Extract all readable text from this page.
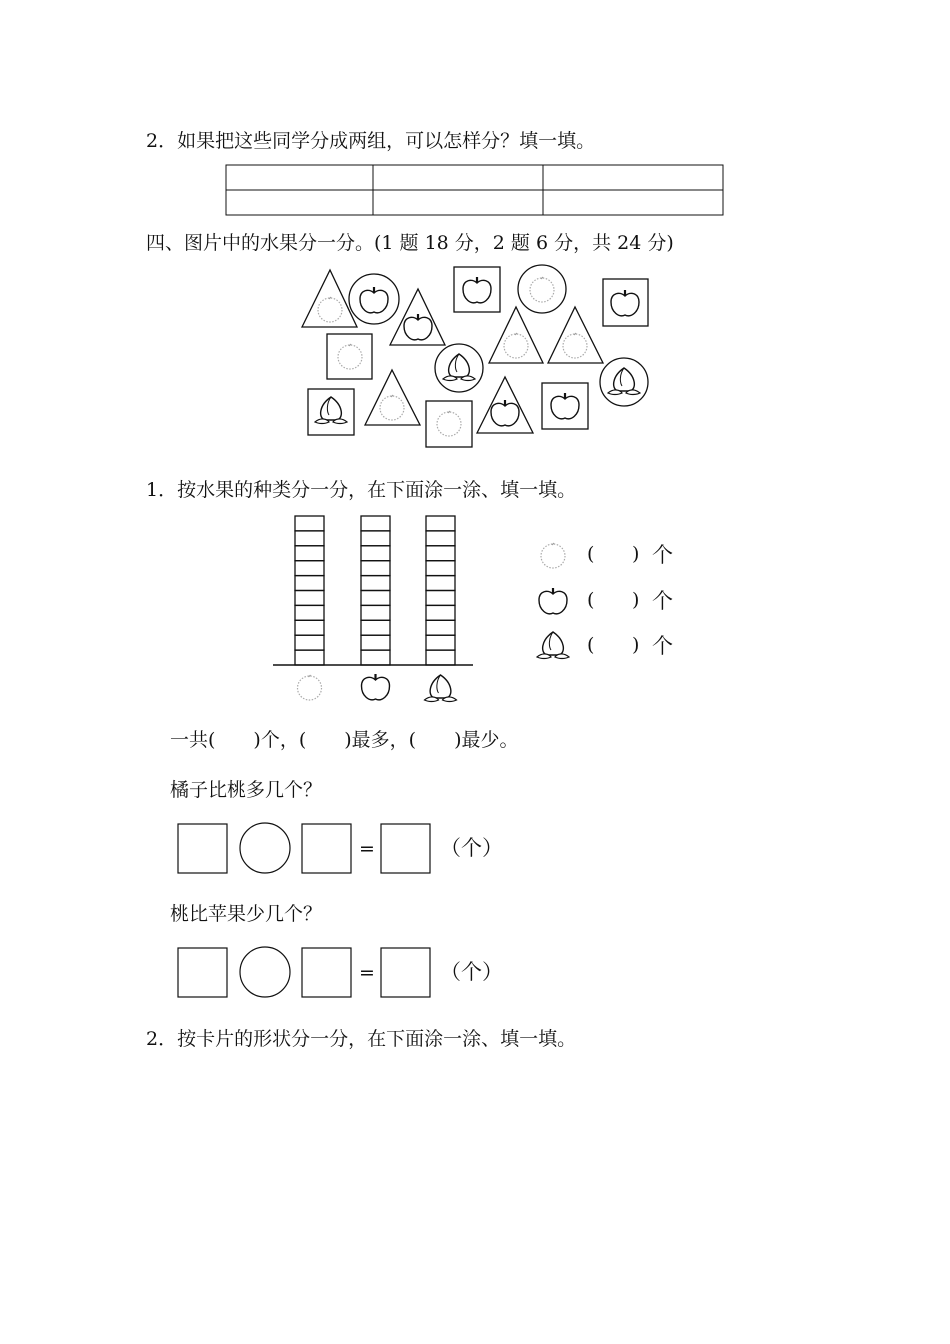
2．如果把这些同学分成两组，可以怎样分？填一填。
四、图片中的水果分一分。(1 题 18 分，2 题 6 分，共 24 分)
1．按水果的种类分一分，在下面涂一涂、填一填。
( ) 个
( ) 个
( ) 个
一共(　　)个，(　　)最多，(　　)最少。
橘子比桃多几个？
=	（个）
桃比苹果少几个？
=	（个）
2．按卡片的形状分一分，在下面涂一涂、填一填。
